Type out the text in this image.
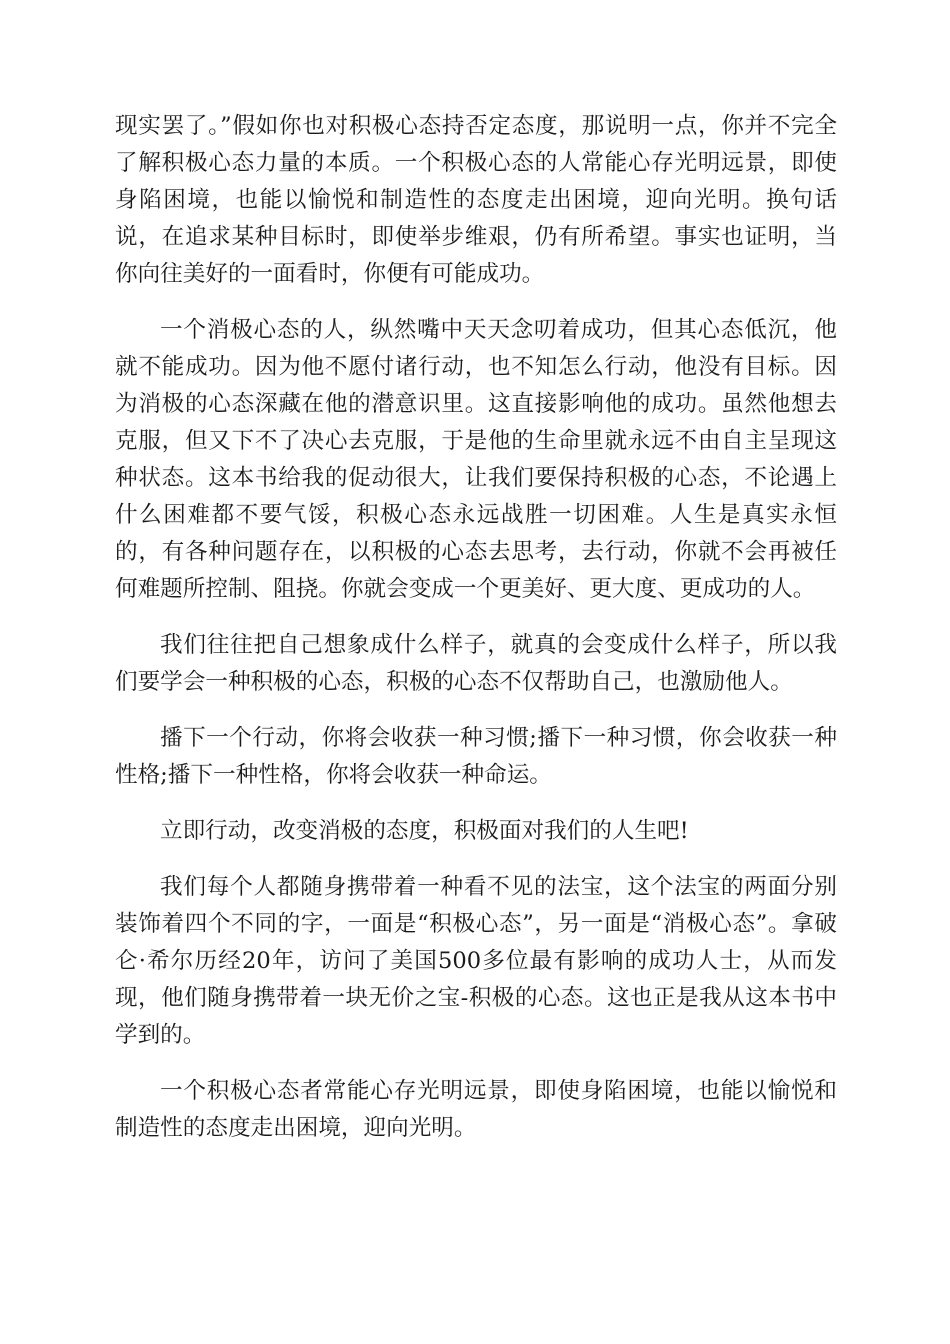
现实罢了。”假如你也对积极心态持否定态度，那说明一点，你并不完全了解积极心态力量的本质。一个积极心态的人常能心存光明远景，即使身陷困境，也能以愉悦和制造性的态度走出困境，迎向光明。换句话说，在追求某种目标时，即使举步维艰，仍有所希望。事实也证明，当你向往美好的一面看时，你便有可能成功。

一个消极心态的人，纵然嘴中天天念叨着成功，但其心态低沉，他就不能成功。因为他不愿付诸行动，也不知怎么行动，他没有目标。因为消极的心态深藏在他的潜意识里。这直接影响他的成功。虽然他想去克服，但又下不了决心去克服，于是他的生命里就永远不由自主呈现这种状态。这本书给我的促动很大，让我们要保持积极的心态，不论遇上什么困难都不要气馁，积极心态永远战胜一切困难。人生是真实永恒的，有各种问题存在，以积极的心态去思考，去行动，你就不会再被任何难题所控制、阻挠。你就会变成一个更美好、更大度、更成功的人。

我们往往把自己想象成什么样子，就真的会变成什么样子，所以我们要学会一种积极的心态，积极的心态不仅帮助自己，也激励他人。

播下一个行动，你将会收获一种习惯;播下一种习惯，你会收获一种性格;播下一种性格，你将会收获一种命运。

立即行动，改变消极的态度，积极面对我们的人生吧!

我们每个人都随身携带着一种看不见的法宝，这个法宝的两面分别装饰着四个不同的字，一面是“积极心态”，另一面是“消极心态”。拿破仑·希尔历经20年，访问了美国500多位最有影响的成功人士，从而发现，他们随身携带着一块无价之宝-积极的心态。这也正是我从这本书中学到的。

一个积极心态者常能心存光明远景，即使身陷困境，也能以愉悦和制造性的态度走出困境，迎向光明。
